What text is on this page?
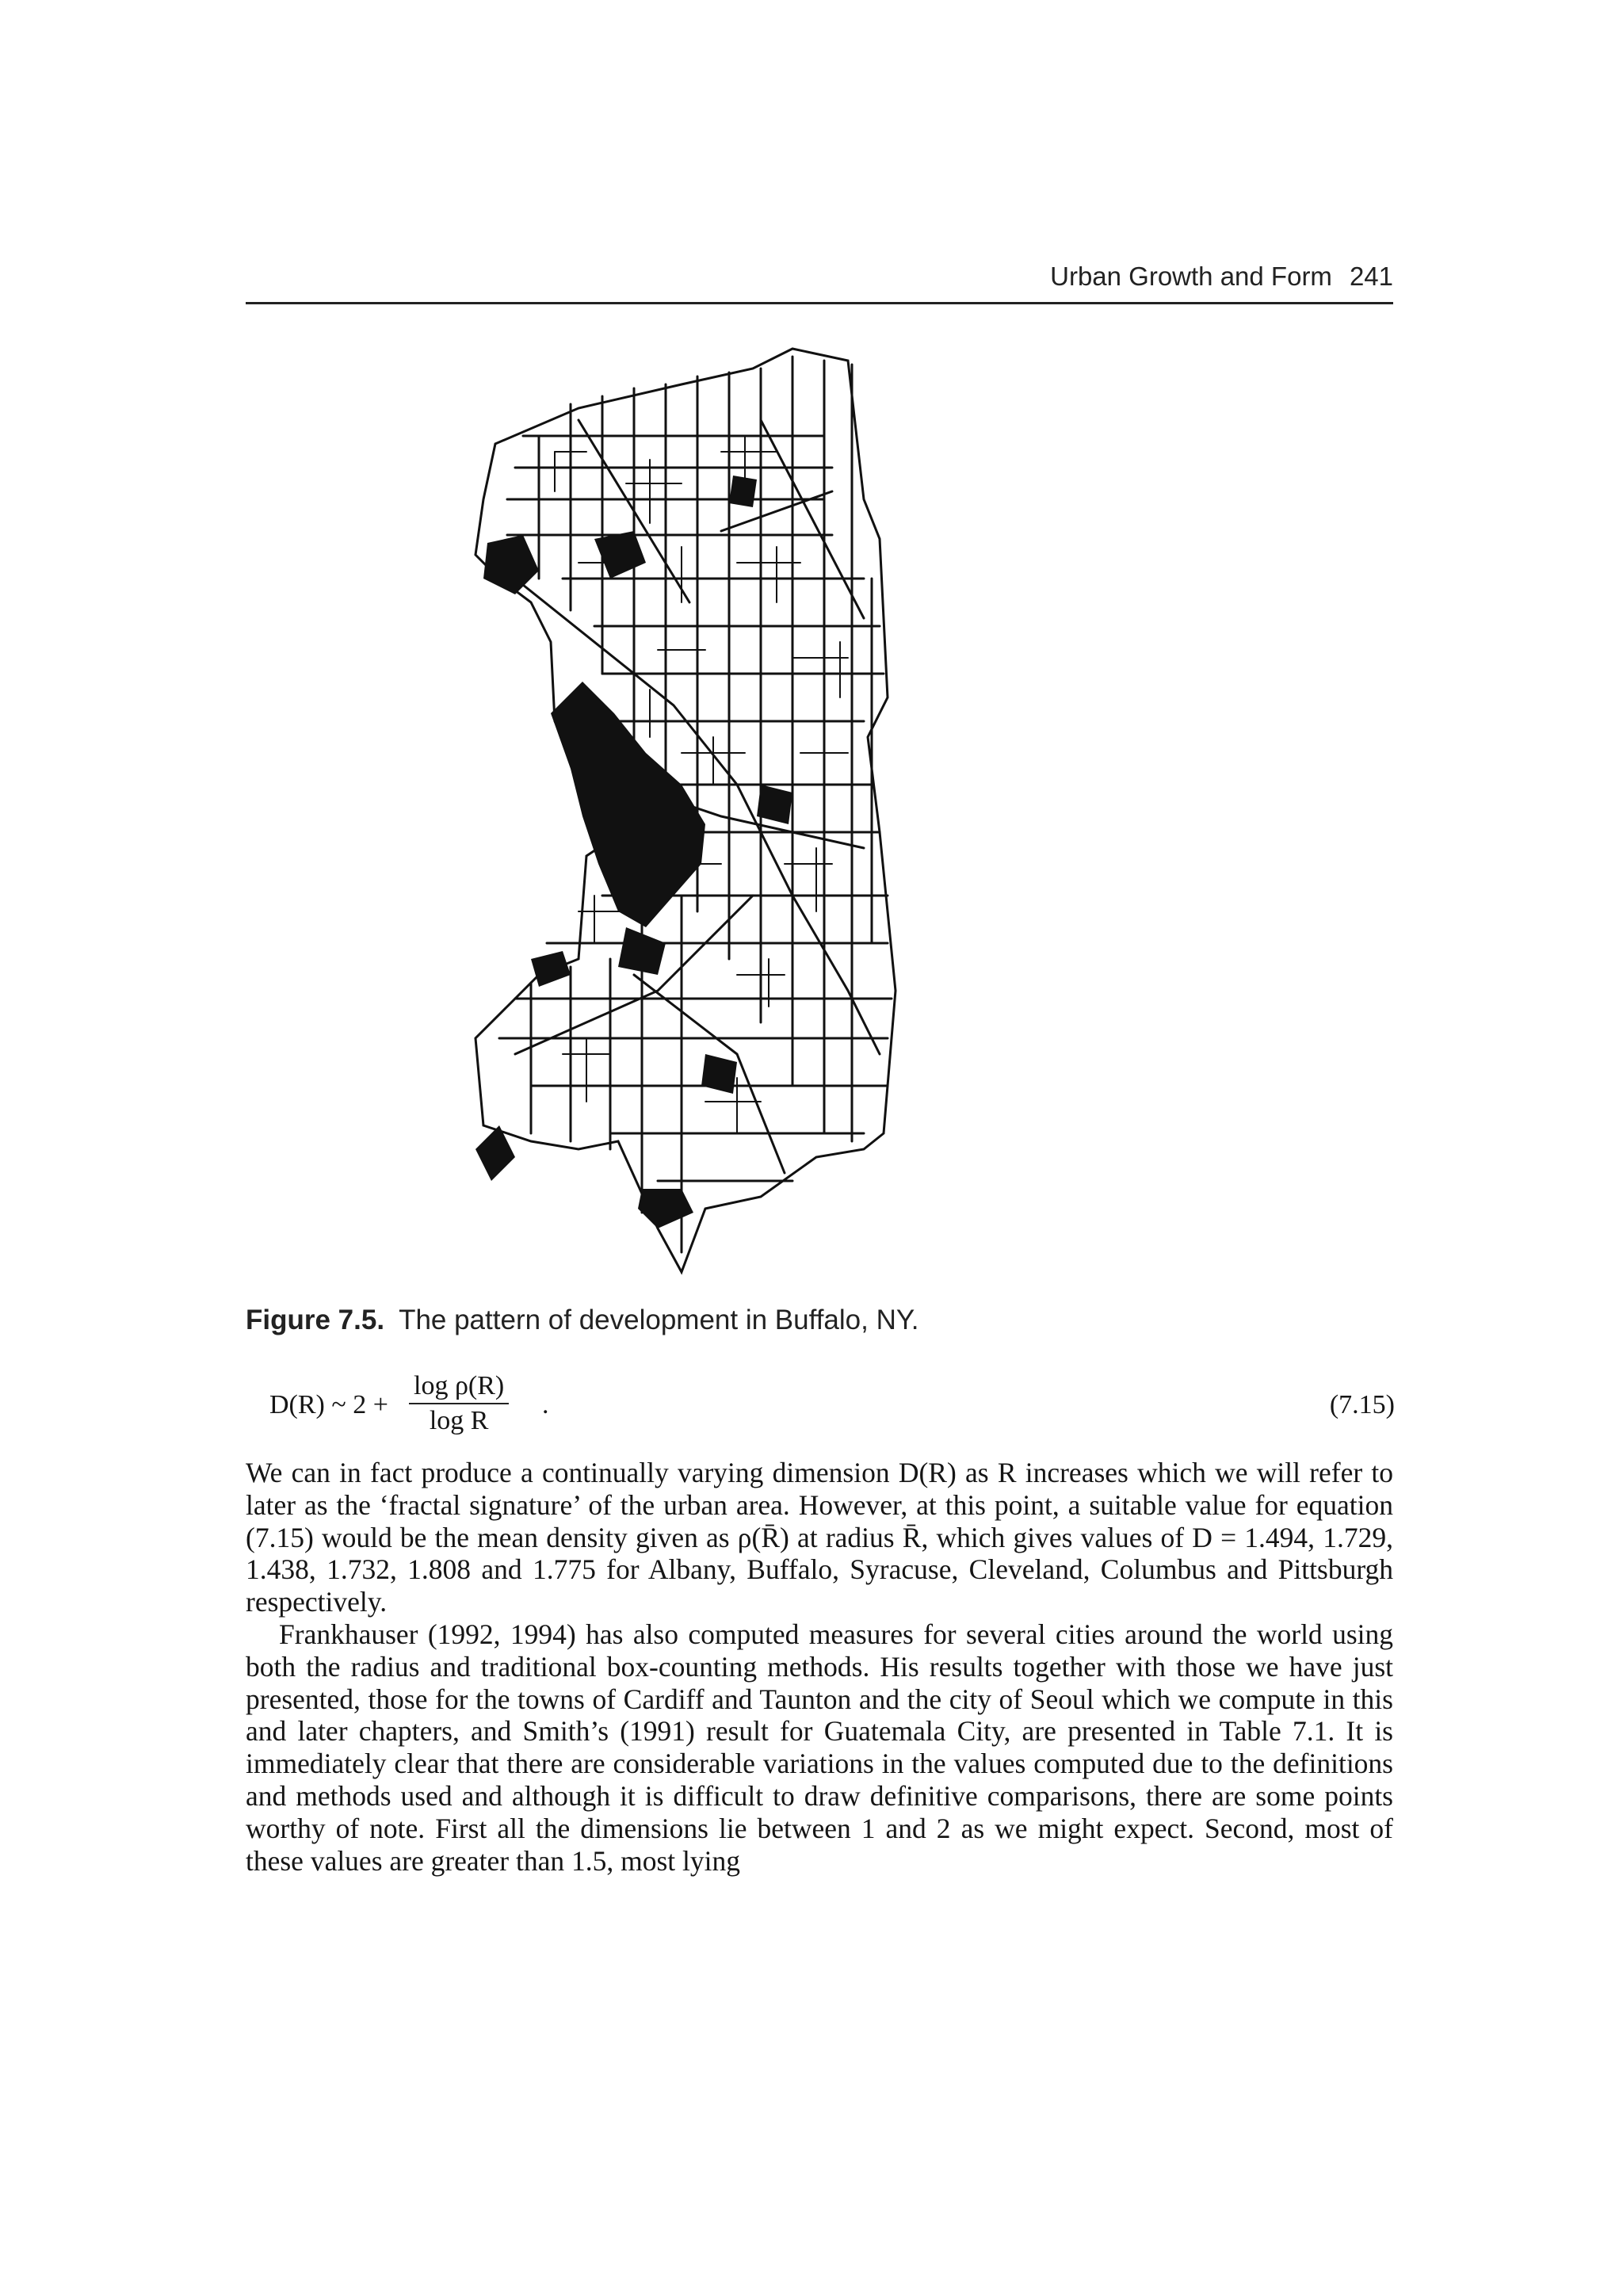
Urban Growth and Form 241
Figure 7.5. The pattern of development in Buffalo, NY.
D(R) ~ $2 + \frac{\text{log ρ(R)}}{\text{log R}}$ .	(7.15)

We can in fact produce a continually varying dimension D(R) as R increases which we will refer to later as the ‘fractal signature’ of the urban area. However, at this point, a suitable value for equation (7.15) would be the mean density given as ρ(R̄) at radius R̄, which gives values of D = 1.494, 1.729, 1.438, 1.732, 1.808 and 1.775 for Albany, Buffalo, Syracuse, Cleveland, Columbus and Pittsburgh respectively.

Frankhauser (1992, 1994) has also computed measures for several cities around the world using both the radius and traditional box-counting methods. His results together with those we have just presented, those for the towns of Cardiff and Taunton and the city of Seoul which we compute in this and later chapters, and Smith’s (1991) result for Guatemala City, are presented in Table 7.1. It is immediately clear that there are considerable variations in the values computed due to the definitions and methods used and although it is difficult to draw definitive comparisons, there are some points worthy of note. First all the dimensions lie between 1 and 2 as we might expect. Second, most of these values are greater than 1.5, most lying
